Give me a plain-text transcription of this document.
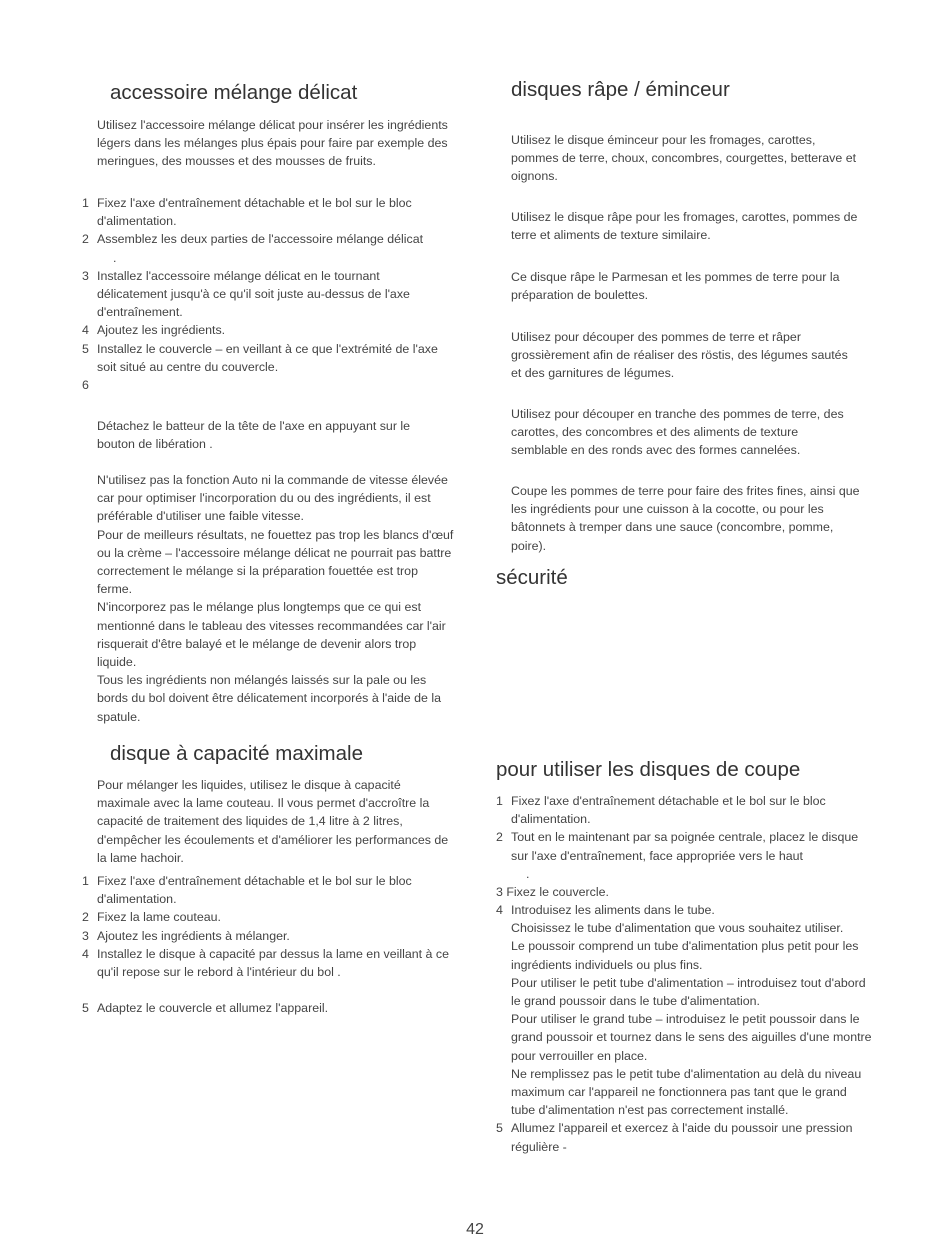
accessoire mélange délicat

Utilisez l'accessoire mélange délicat pour insérer les ingrédients légers dans les mélanges plus épais pour faire par exemple des meringues, des mousses et des mousses de fruits.

1 Fixez l'axe d'entraînement détachable et le bol sur le bloc d'alimentation.
2 Assemblez les deux parties de l'accessoire mélange délicat
.
3 Installez l'accessoire mélange délicat en le tournant délicatement jusqu'à ce qu'il soit juste au-dessus de l'axe d'entraînement.
4 Ajoutez les ingrédients.
5 Installez le couvercle – en veillant à ce que l'extrémité de l'axe soit situé au centre du couvercle.
6

Détachez le batteur de la tête de l'axe en appuyant sur le bouton de libération .

N'utilisez pas la fonction Auto ni la commande de vitesse élevée car pour optimiser l'incorporation du ou des ingrédients, il est préférable d'utiliser une faible vitesse.

Pour de meilleurs résultats, ne fouettez pas trop les blancs d'œuf ou la crème – l'accessoire mélange délicat ne pourrait pas battre correctement le mélange si la préparation fouettée est trop ferme.

N'incorporez pas le mélange plus longtemps que ce qui est mentionné dans le tableau des vitesses recommandées car l'air risquerait d'être balayé et le mélange de devenir alors trop liquide.

Tous les ingrédients non mélangés laissés sur la pale ou les bords du bol doivent être délicatement incorporés à l'aide de la spatule.

disque à capacité maximale

Pour mélanger les liquides, utilisez le disque à capacité maximale avec la lame couteau. Il vous permet d'accroître la capacité de traitement des liquides de 1,4 litre à 2 litres, d'empêcher les écoulements et d'améliorer les performances de la lame hachoir.

1 Fixez l'axe d'entraînement détachable et le bol sur le bloc d'alimentation.
2 Fixez la lame couteau.
3 Ajoutez les ingrédients à mélanger.
4 Installez le disque à capacité par dessus la lame en veillant à ce qu'il repose sur le rebord à l'intérieur du bol .
5 Adaptez le couvercle et allumez l'appareil.
disques râpe / éminceur

Utilisez le disque éminceur pour les fromages, carottes, pommes de terre, choux, concombres, courgettes, betterave et oignons.

Utilisez le disque râpe pour les fromages, carottes, pommes de terre et aliments de texture similaire.

Ce disque râpe le Parmesan et les pommes de terre pour la préparation de boulettes.

Utilisez pour découper des pommes de terre et râper grossièrement afin de réaliser des röstis, des légumes sautés et des garnitures de légumes.

Utilisez pour découper en tranche des pommes de terre, des carottes, des concombres et des aliments de texture semblable en des ronds avec des formes cannelées.

Coupe les pommes de terre pour faire des frites fines, ainsi que les ingrédients pour une cuisson à la cocotte, ou pour les bâtonnets à tremper dans une sauce (concombre, pomme, poire).

sécurité
pour utiliser les disques de coupe
1 Fixez l'axe d'entraînement détachable et le bol sur le bloc d'alimentation.
2 Tout en le maintenant par sa poignée centrale, placez le disque sur l'axe d'entraînement, face appropriée vers le haut
.

3 Fixez le couvercle.

4 Introduisez les aliments dans le tube.
Choisissez le tube d'alimentation que vous souhaitez utiliser.
Le poussoir comprend un tube d'alimentation plus petit pour les ingrédients individuels ou plus fins.
Pour utiliser le petit tube d'alimentation – introduisez tout d'abord le grand poussoir dans le tube d'alimentation.
Pour utiliser le grand tube – introduisez le petit poussoir dans le grand poussoir et tournez dans le sens des aiguilles d'une montre pour verrouiller en place.
Ne remplissez pas le petit tube d'alimentation au delà du niveau maximum car l'appareil ne fonctionnera pas tant que le grand tube d'alimentation n'est pas correctement installé.
5 Allumez l'appareil et exercez à l'aide du poussoir une pression régulière -
42
